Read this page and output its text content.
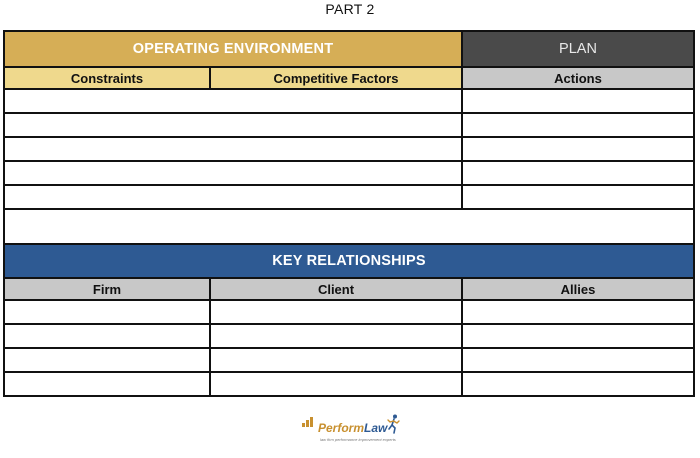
PART 2
OPERATING ENVIRONMENT		PLAN
Constraints	Competitive Factors	Actions

KEY RELATIONSHIPS		
Firm	Client	Allies

PerformLaw
law firm performance improvement experts
